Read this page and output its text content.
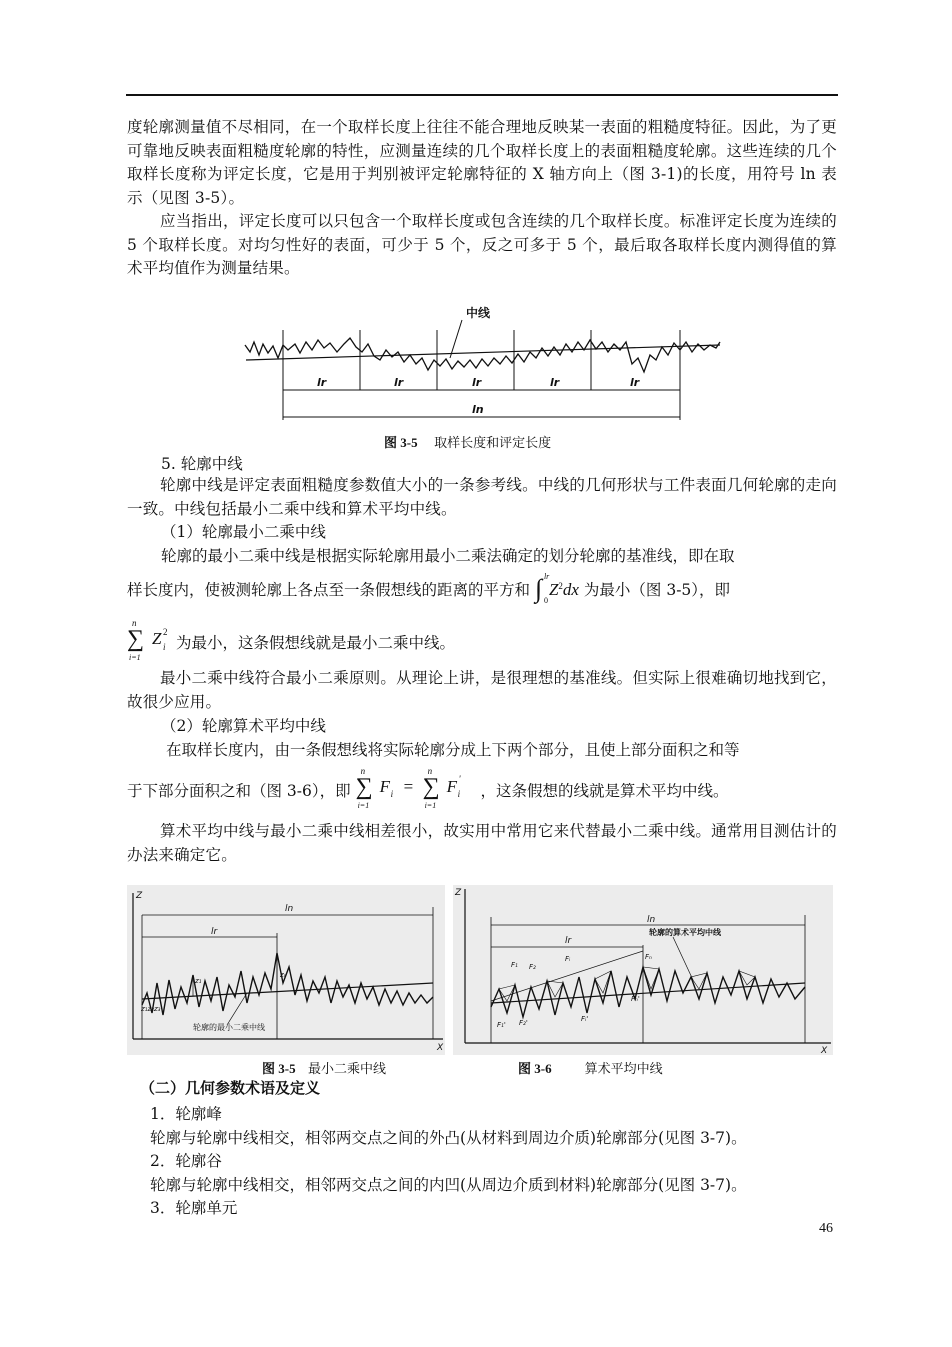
度轮廓测量值不尽相同，在一个取样长度上往往不能合理地反映某一表面的粗糙度特征。因此，为了更可靠地反映表面粗糙度轮廓的特性，应测量连续的几个取样长度上的表面粗糙度轮廓。这些连续的几个取样长度称为评定长度，它是用于判别被评定轮廓特征的 X 轴方向上（图 3-1)的长度，用符号 ln 表示（见图 3-5）。

应当指出，评定长度可以只包含一个取样长度或包含连续的几个取样长度。标准评定长度为连续的 5 个取样长度。对均匀性好的表面，可少于 5 个，反之可多于 5 个，最后取各取样长度内测得值的算术平均值作为测量结果。

中线
lr	lr	lr	lr	lr
ln
图 3-5 取样长度和评定长度
5. 轮廓中线

轮廓中线是评定表面粗糙度参数值大小的一条参考线。中线的几何形状与工件表面几何轮廓的走向一致。中线包括最小二乘中线和算术平均中线。

（1）轮廓最小二乘中线
轮廓的最小二乘中线是根据实际轮廓用最小二乘法确定的划分轮廓的基准线，即在取
样长度内，使被测轮廓上各点至一条假想线的距离的平方和 ∫ lr
0
$Z^2dx$ 为最小（图 3-5），即
n
∑
i=1
Z 2
i 为最小，这条假想线就是最小二乘中线。

最小二乘中线符合最小二乘原则。从理论上讲，是很理想的基准线。但实际上很难确切地找到它，故很少应用。

（2）轮廓算术平均中线
在取样长度内，由一条假想线将实际轮廓分成上下两个部分，且使上部分面积之和等
于下部分面积之和（图 3-6），即
n
∑
i=1
F i =
n
∑
i=1
F '
i ，这条假想的线就是算术平均中线。

算术平均中线与最小二乘中线相差很小，故实用中常用它来代替最小二乘中线。通常用目测估计的办法来确定它。

Z
X
ln
lr
z₁
zₙ
z₁z₂z₃
轮廓的最小二乘中线
Z
X
ln
lr
轮廓的算术平均中线
F₁ F₂
Fᵢ	Fₙ
F₁' F₂'	Fᵢ'
Fₙ'
图 3-5 最小二乘中线	图 3-6	算术平均中线
（二）几何参数术语及定义
1．轮廓峰
轮廓与轮廓中线相交，相邻两交点之间的外凸(从材料到周边介质)轮廓部分(见图 3-7)。
2．轮廓谷
轮廓与轮廓中线相交，相邻两交点之间的内凹(从周边介质到材料)轮廓部分(见图 3-7)。
3．轮廓单元
46
